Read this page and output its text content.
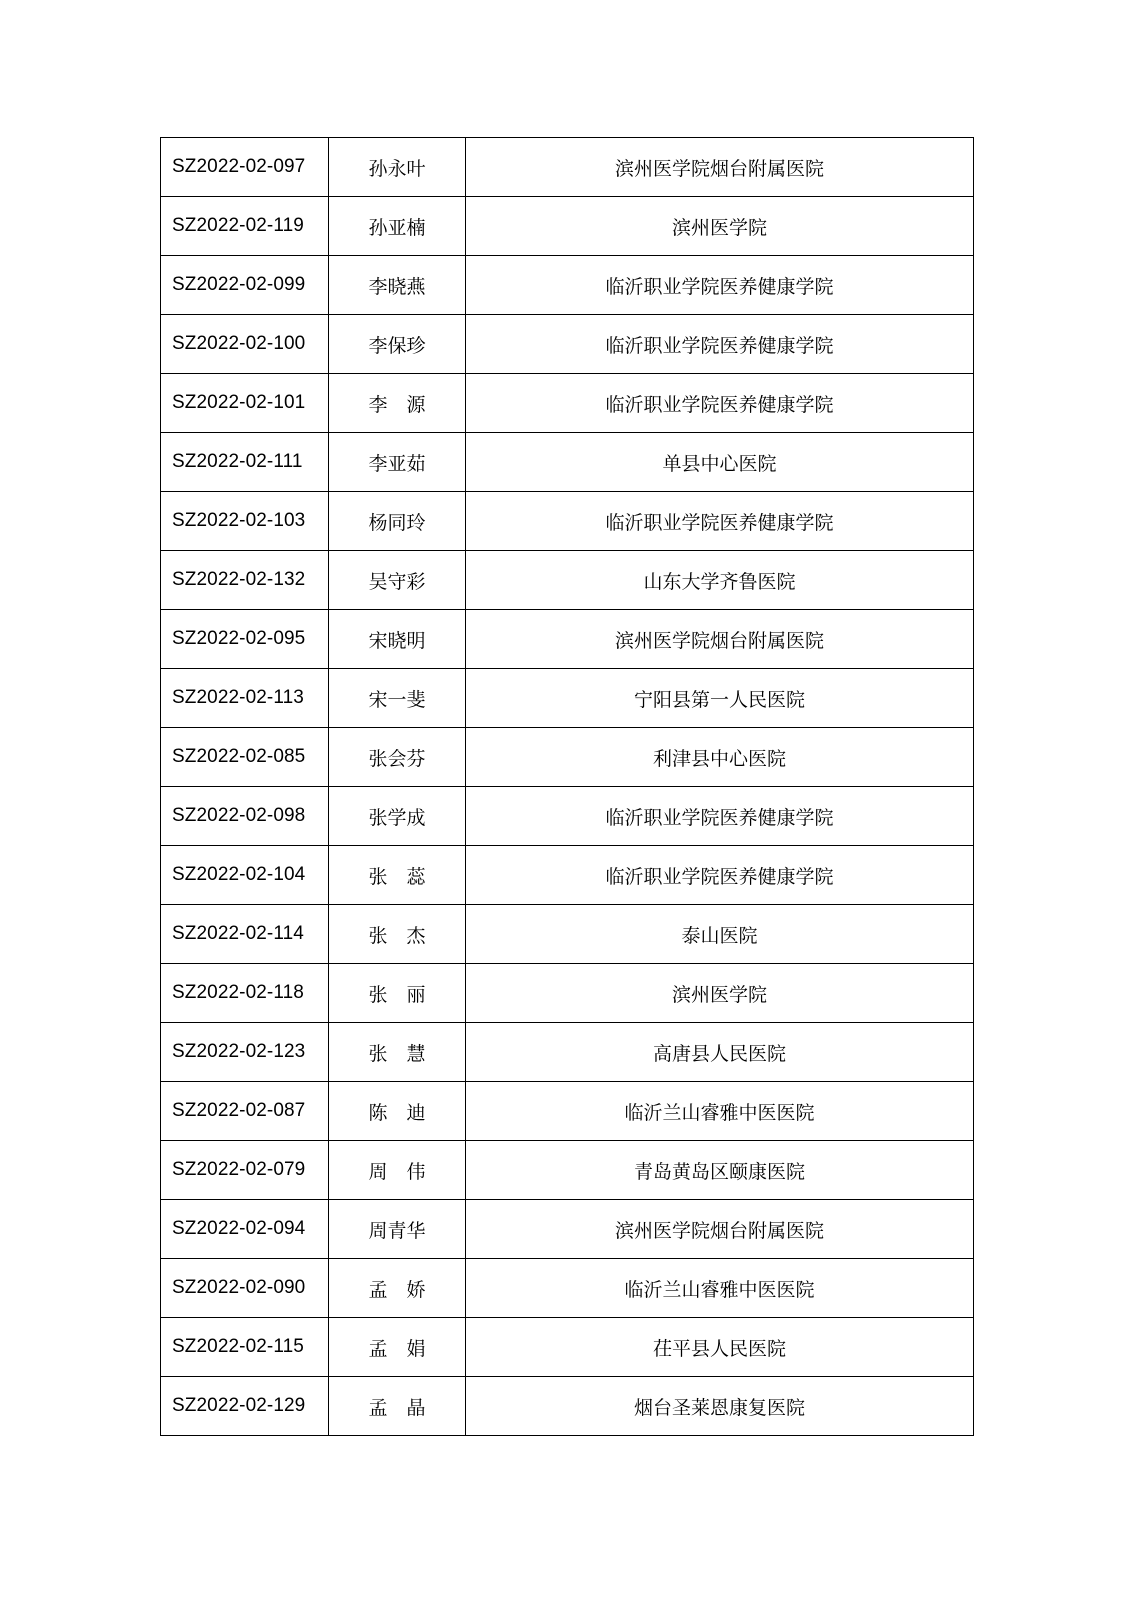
SZ2022-02-097	孙永叶	滨州医学院烟台附属医院
SZ2022-02-119	孙亚楠	滨州医学院
SZ2022-02-099	李晓燕	临沂职业学院医养健康学院
SZ2022-02-100	李保珍	临沂职业学院医养健康学院
SZ2022-02-101	李　源	临沂职业学院医养健康学院
SZ2022-02-111	李亚茹	单县中心医院
SZ2022-02-103	杨同玲	临沂职业学院医养健康学院
SZ2022-02-132	吴守彩	山东大学齐鲁医院
SZ2022-02-095	宋晓明	滨州医学院烟台附属医院
SZ2022-02-113	宋一斐	宁阳县第一人民医院
SZ2022-02-085	张会芬	利津县中心医院
SZ2022-02-098	张学成	临沂职业学院医养健康学院
SZ2022-02-104	张　蕊	临沂职业学院医养健康学院
SZ2022-02-114	张　杰	泰山医院
SZ2022-02-118	张　丽	滨州医学院
SZ2022-02-123	张　慧	高唐县人民医院
SZ2022-02-087	陈　迪	临沂兰山睿雅中医医院
SZ2022-02-079	周　伟	青岛黄岛区颐康医院
SZ2022-02-094	周青华	滨州医学院烟台附属医院
SZ2022-02-090	孟　娇	临沂兰山睿雅中医医院
SZ2022-02-115	孟　娟	茌平县人民医院
SZ2022-02-129	孟　晶	烟台圣莱恩康复医院
